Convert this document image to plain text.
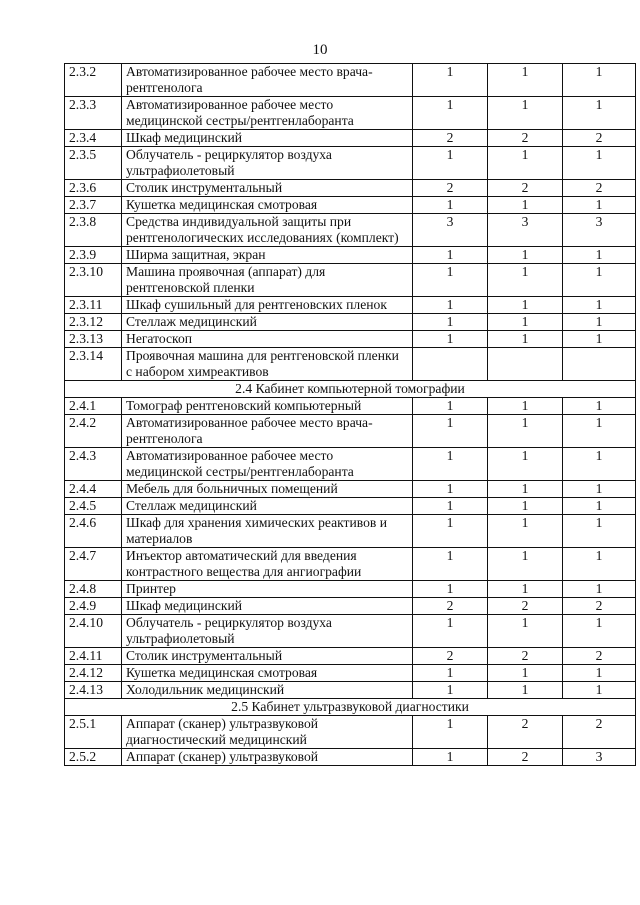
10
2.3.2	Автоматизированное рабочее место врача-рентгенолога	1	1	1
2.3.3	Автоматизированное рабочее место медицинской сестры/рентгенлаборанта	1	1	1
2.3.4	Шкаф медицинский	2	2	2
2.3.5	Облучатель - рециркулятор воздуха ультрафиолетовый	1	1	1
2.3.6	Столик инструментальный	2	2	2
2.3.7	Кушетка медицинская смотровая	1	1	1
2.3.8	Средства индивидуальной защиты при рентгенологических исследованиях (комплект)	3	3	3
2.3.9	Ширма защитная, экран	1	1	1
2.3.10	Машина проявочная (аппарат) для рентгеновской пленки	1	1	1
2.3.11	Шкаф сушильный для рентгеновских пленок	1	1	1
2.3.12	Стеллаж медицинский	1	1	1
2.3.13	Негатоскоп	1	1	1
2.3.14	Проявочная машина для рентгеновской пленки с набором химреактивов			
2.4 Кабинет компьютерной томографии				
2.4.1	Томограф рентгеновский компьютерный	1	1	1
2.4.2	Автоматизированное рабочее место врача-рентгенолога	1	1	1
2.4.3	Автоматизированное рабочее место медицинской сестры/рентгенлаборанта	1	1	1
2.4.4	Мебель для больничных помещений	1	1	1
2.4.5	Стеллаж медицинский	1	1	1
2.4.6	Шкаф для хранения химических реактивов и материалов	1	1	1
2.4.7	Инъектор автоматический для введения контрастного вещества для ангиографии	1	1	1
2.4.8	Принтер	1	1	1
2.4.9	Шкаф медицинский	2	2	2
2.4.10	Облучатель - рециркулятор воздуха ультрафиолетовый	1	1	1
2.4.11	Столик инструментальный	2	2	2
2.4.12	Кушетка медицинская смотровая	1	1	1
2.4.13	Холодильник медицинский	1	1	1
2.5 Кабинет ультразвуковой диагностики				
2.5.1	Аппарат (сканер) ультразвуковой диагностический медицинский	1	2	2
2.5.2	Аппарат (сканер) ультразвуковой	1	2	3
